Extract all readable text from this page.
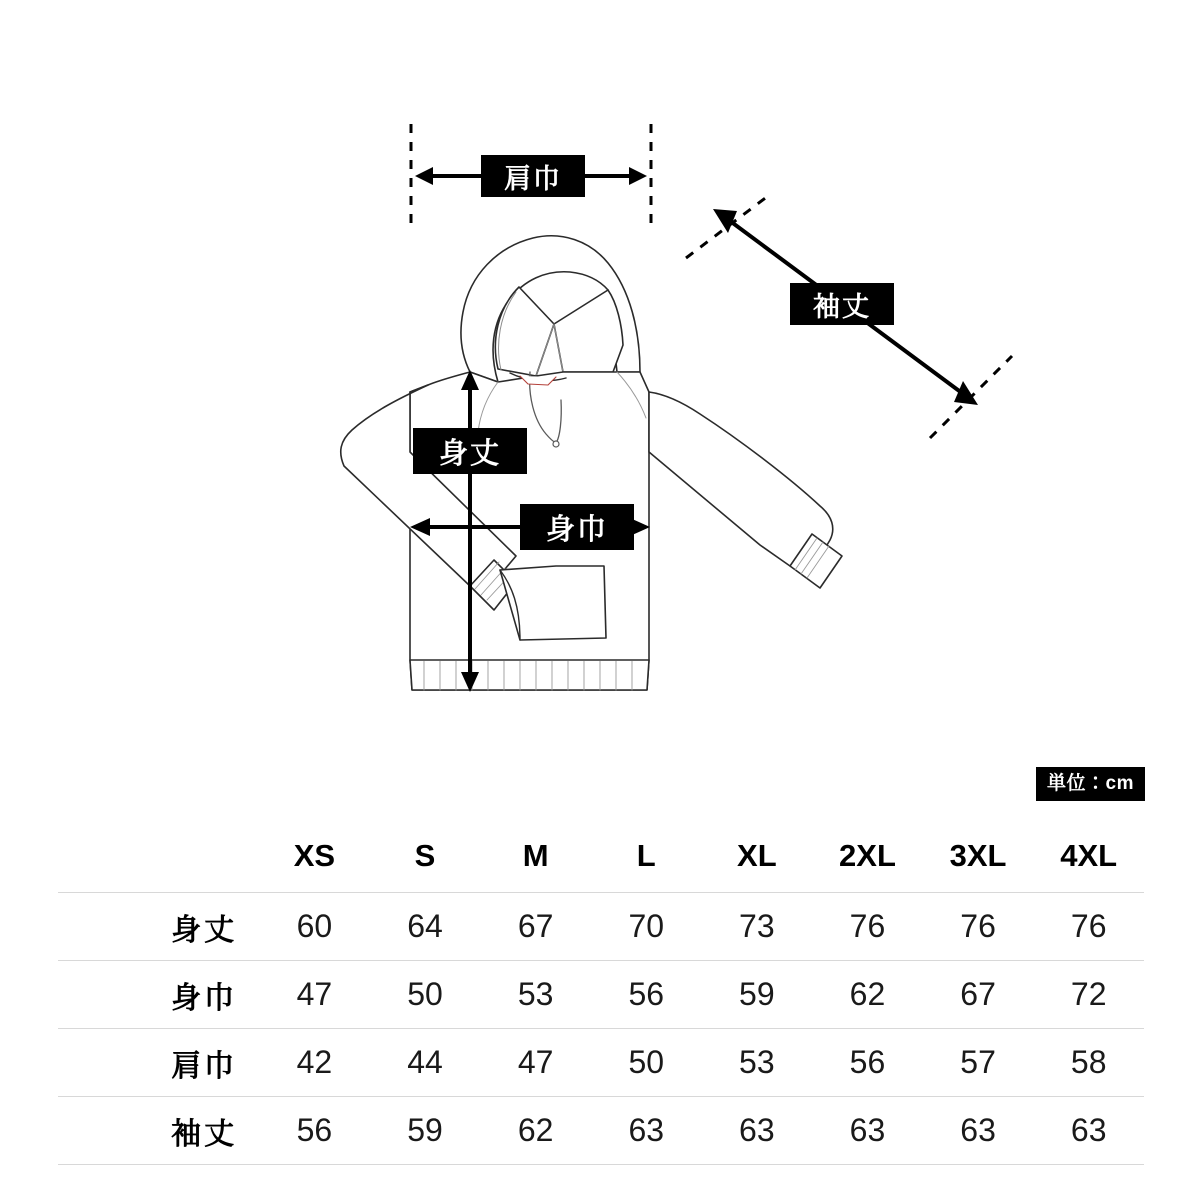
肩巾
袖丈
身丈
身巾
単位：cm
	XS	S	M	L	XL	2XL	3XL	4XL
身丈	60	64	67	70	73	76	76	76
身巾	47	50	53	56	59	62	67	72
肩巾	42	44	47	50	53	56	57	58
袖丈	56	59	62	63	63	63	63	63
